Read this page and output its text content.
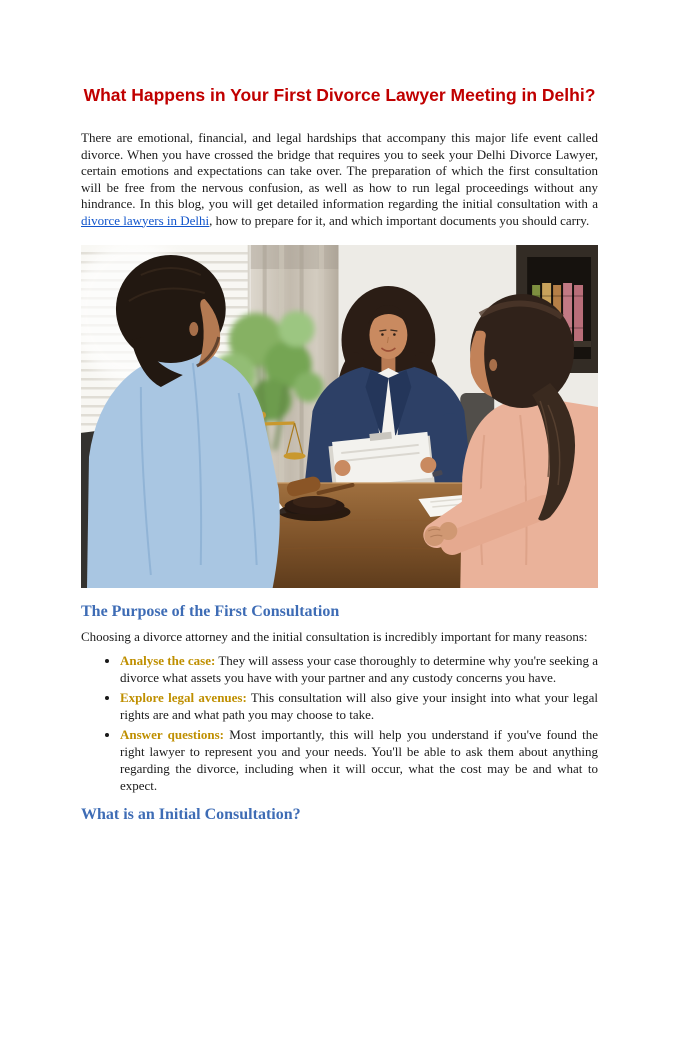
What Happens in Your First Divorce Lawyer Meeting in Delhi?

There are emotional, financial, and legal hardships that accompany this major life event called divorce. When you have crossed the bridge that requires you to seek your Delhi Divorce Lawyer, certain emotions and expectations can take over. The preparation of which the first consultation will be free from the nervous confusion, as well as how to run legal proceedings without any hindrance. In this blog, you will get detailed information regarding the initial consultation with a divorce lawyers in Delhi, how to prepare for it, and which important documents you should carry.

The Purpose of the First Consultation

Choosing a divorce attorney and the initial consultation is incredibly important for many reasons:

• Analyse the case: They will assess your case thoroughly to determine why you're seeking a divorce what assets you have with your partner and any custody concerns you have.
• Explore legal avenues: This consultation will also give your insight into what your legal rights are and what path you may choose to take.
• Answer questions: Most importantly, this will help you understand if you've found the right lawyer to represent you and your needs. You'll be able to ask them about anything regarding the divorce, including when it will occur, what the cost may be and what to expect.
What is an Initial Consultation?
